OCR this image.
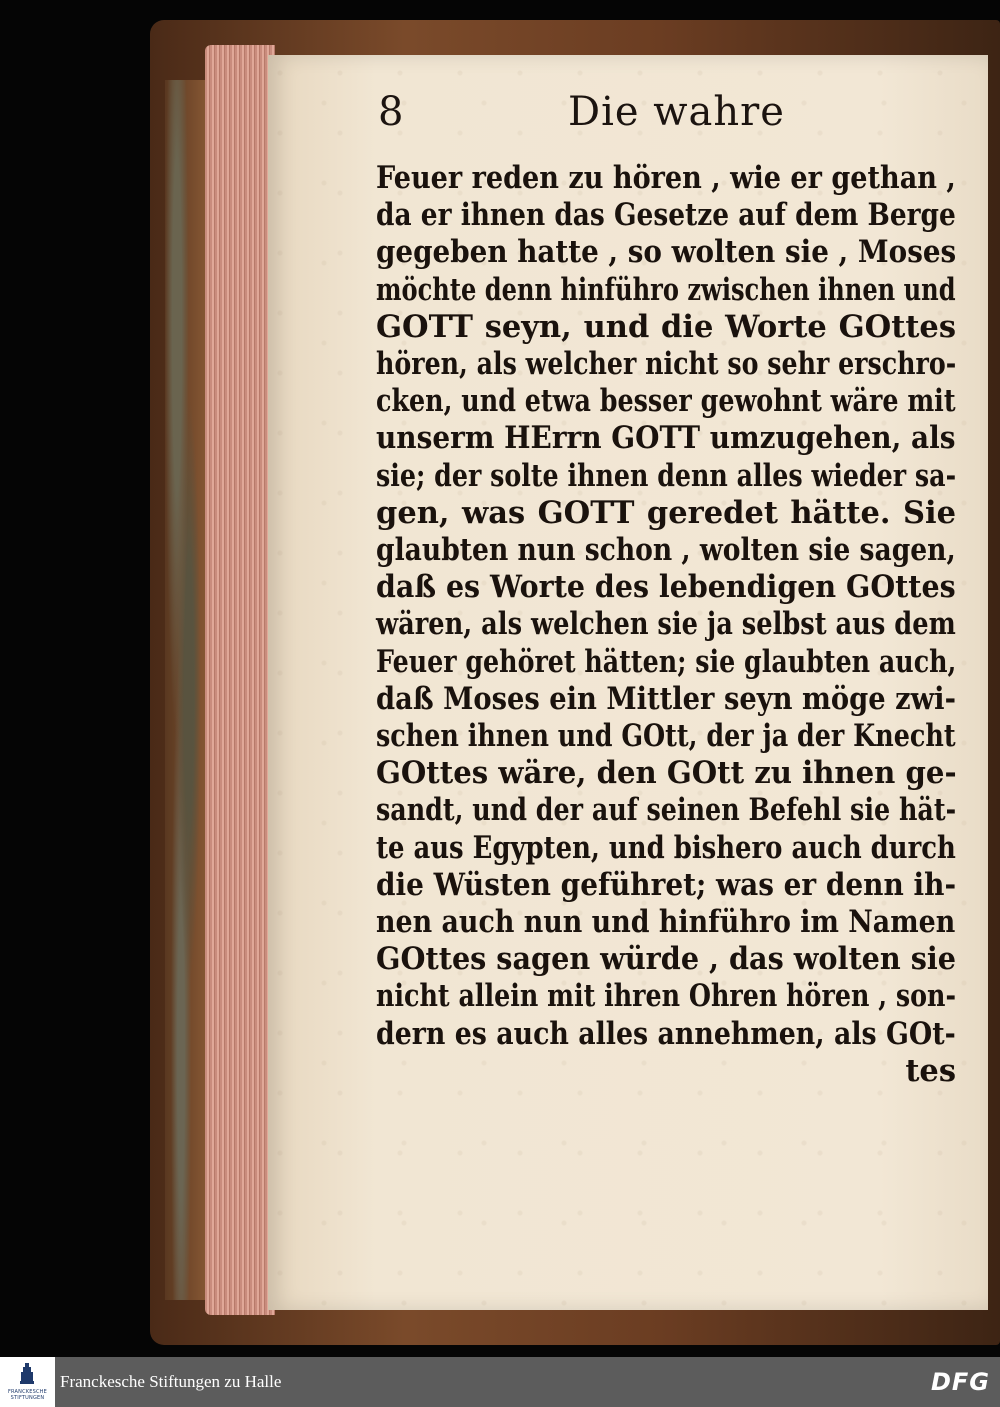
8	Die wahre
Feuer reden zu hören , wie er gethan ,
da er ihnen das Gesetze auf dem Berge
gegeben hatte , so wolten sie , Moses
möchte denn hinführo zwischen ihnen und
GOTT seyn, und die Worte GOttes
hören, als welcher nicht so sehr erschro-
cken, und etwa besser gewohnt wäre mit
unserm HErrn GOTT umzugehen, als
sie; der solte ihnen denn alles wieder sa-
gen, was GOTT geredet hätte. Sie
glaubten nun schon , wolten sie sagen,
daß es Worte des lebendigen GOttes
wären, als welchen sie ja selbst aus dem
Feuer gehöret hätten; sie glaubten auch,
daß Moses ein Mittler seyn möge zwi-
schen ihnen und GOtt, der ja der Knecht
GOttes wäre, den GOtt zu ihnen ge-
sandt, und der auf seinen Befehl sie hät-
te aus Egypten, und bishero auch durch
die Wüsten geführet; was er denn ih-
nen auch nun und hinführo im Namen
GOttes sagen würde , das wolten sie
nicht allein mit ihren Ohren hören , son-
dern es auch alles annehmen, als GOt-
tes
FRANCKESCHE STIFTUNGEN
Franckesche Stiftungen zu Halle	DFG
